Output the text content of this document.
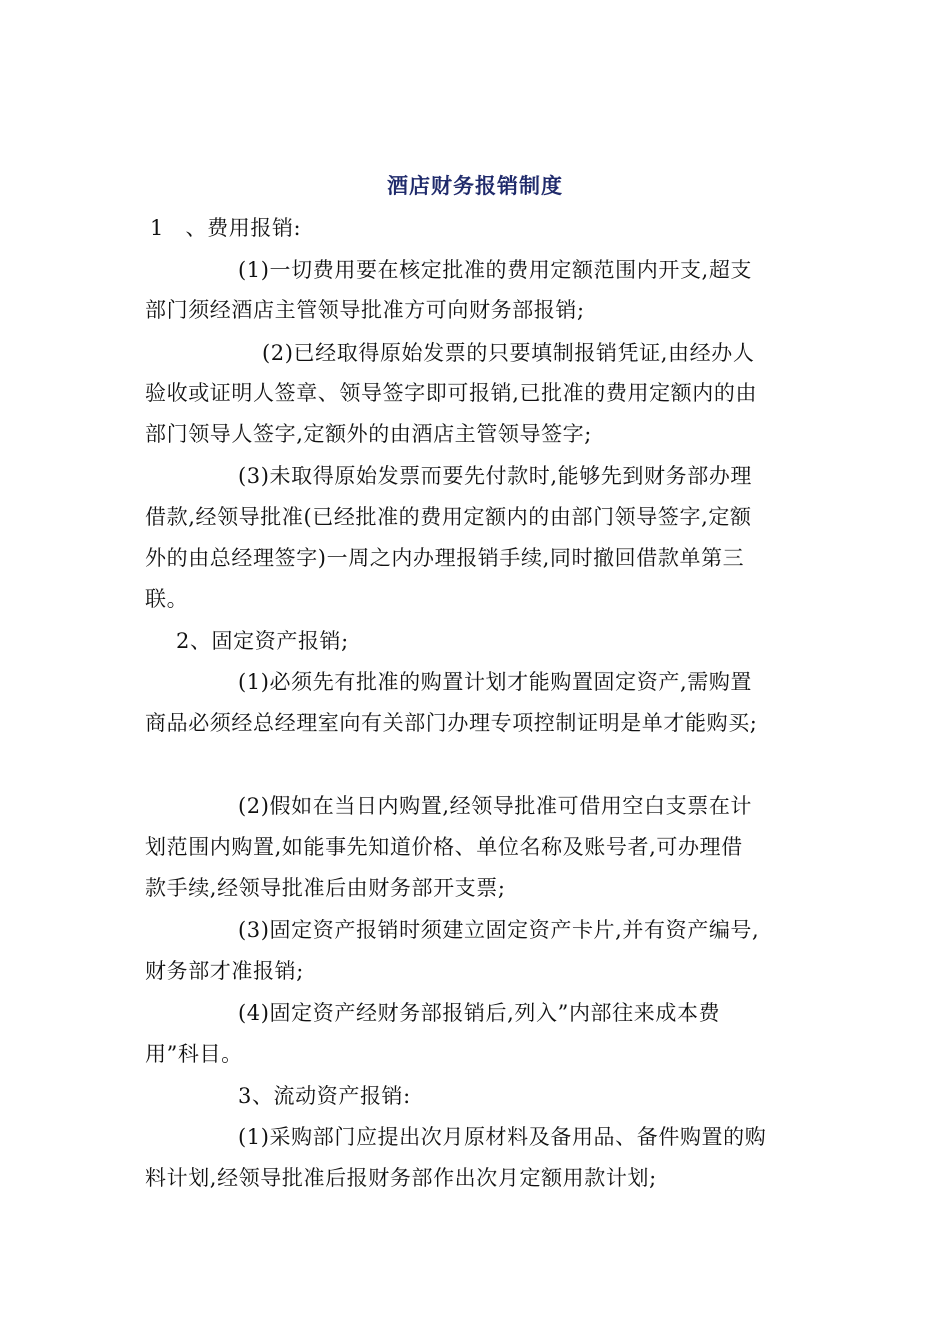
酒店财务报销制度
1　、费用报销:
(1)一切费用要在核定批准的费用定额范围内开支,超支
部门须经酒店主管领导批准方可向财务部报销;
(2)已经取得原始发票的只要填制报销凭证,由经办人
验收或证明人签章、领导签字即可报销,已批准的费用定额内的由
部门领导人签字,定额外的由酒店主管领导签字;
(3)未取得原始发票而要先付款时,能够先到财务部办理
借款,经领导批准(已经批准的费用定额内的由部门领导签字,定额
外的由总经理签字)一周之内办理报销手续,同时撤回借款单第三
联。
2、固定资产报销;
(1)必须先有批准的购置计划才能购置固定资产,需购置
商品必须经总经理室向有关部门办理专项控制证明是单才能购买;
(2)假如在当日内购置,经领导批准可借用空白支票在计
划范围内购置,如能事先知道价格、单位名称及账号者,可办理借
款手续,经领导批准后由财务部开支票;
(3)固定资产报销时须建立固定资产卡片,并有资产编号,
财务部才准报销;
(4)固定资产经财务部报销后,列入”内部往来成本费
用”科目。
3、流动资产报销:
(1)采购部门应提出次月原材料及备用品、备件购置的购
料计划,经领导批准后报财务部作出次月定额用款计划;
